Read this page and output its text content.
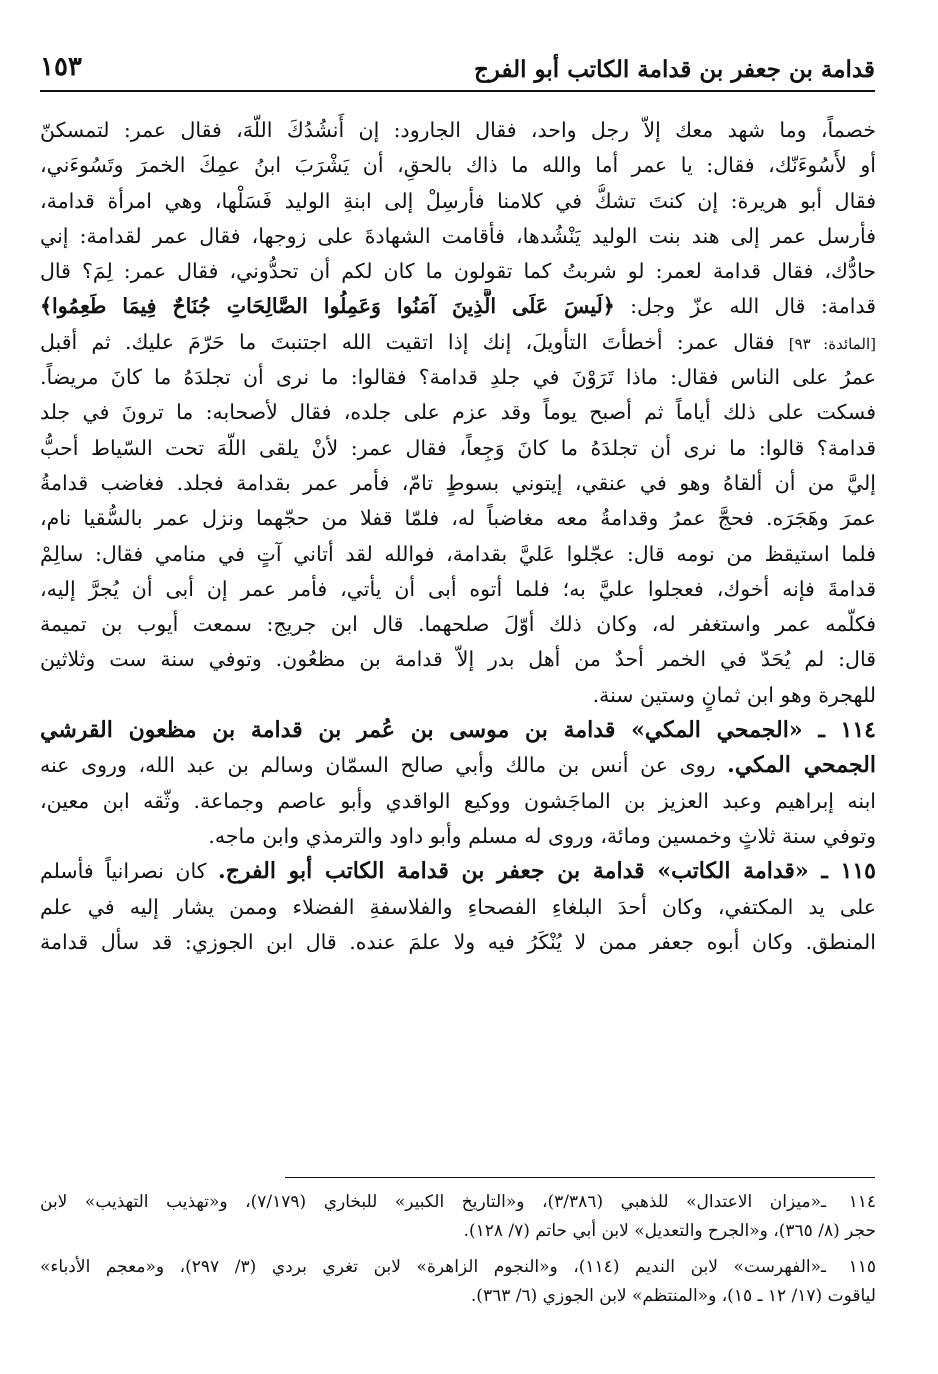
قدامة بن جعفر بن قدامة الكاتب أبو الفرج
١٥٣
خصماً، وما شهد معك إلاّ رجل واحد، فقال الجارود: إن أَنشُدُكَ اللّهَ، فقال عمر: لتمسكنّ
أو لأَسُوءَنّك، فقال: يا عمر أما والله ما ذاك بالحقِ، أن يَشْرَبَ ابنُ عمِكَ الخمرَ وتَسُوءَني،
فقال أبو هريرة: إن كنتَ تشكُّ في كلامنا فأرسِلْ إلى ابنةِ الوليد فَسَلْها، وهي امرأة قدامة،
فأرسل عمر إلى هند بنت الوليد يَنْشُدها، فأقامت الشهادةَ على زوجها، فقال عمر لقدامة: إني
حادُّك، فقال قدامة لعمر: لو شربتُ كما تقولون ما كان لكم أن تحدُّوني، فقال عمر: لِمَ؟ قال
قدامة: قال الله عزّ وجل: ﴿لَيسَ عَلَى الَّذِينَ آمَنُوا وَعَمِلُوا الصَّالِحَاتِ جُنَاحٌ فِيمَا طَعِمُوا﴾
[المائدة: ٩٣] فقال عمر: أخطأتَ التأويلَ، إنك إذا اتقيت الله اجتنبتَ ما حَرّمَ عليك. ثم أقبل
عمرُ على الناس فقال: ماذا تَرَوْنَ في جلدِ قدامة؟ فقالوا: ما نرى أن تجلدَهُ ما كانَ مريضاً.
فسكت على ذلك أياماً ثم أصبح يوماً وقد عزم على جلده، فقال لأصحابه: ما ترونَ في جلد
قدامة؟ قالوا: ما نرى أن تجلدَهُ ما كانَ وَجِعاً، فقال عمر: لأنْ يلقى اللّهَ تحت السّياط أحبُّ
إليَّ من أن ألقاهُ وهو في عنقي، إيتوني بسوطٍ تامّ، فأمر عمر بقدامة فجلد. فغاضب قدامةُ
عمرَ وهَجَرَه. فحجَّ عمرُ وقدامةُ معه مغاضباً له، فلمّا قفلا من حجّهما ونزل عمر بالسُّقيا نام،
فلما استيقظ من نومه قال: عجّلوا عَليَّ بقدامة، فوالله لقد أتاني آتٍ في منامي فقال: سالِمْ
قدامةَ فإنه أخوك، فعجلوا عليَّ به؛ فلما أتوه أبى أن يأتي، فأمر عمر إن أبى أن يُجرَّ إليه،
فكلّمه عمر واستغفر له، وكان ذلك أوّلَ صلحهما. قال ابن جريج: سمعت أيوب بن تميمة
قال: لم يُحَدّ في الخمر أحدٌ من أهل بدر إلاّ قدامة بن مظعُون. وتوفي سنة ست وثلاثين
للهجرة وهو ابن ثمانٍ وستين سنة.
١١٤ ـ «الجمحي المكي» قدامة بن موسى بن عُمر بن قدامة بن مظعون القرشي
الجمحي المكي. روى عن أنس بن مالك وأبي صالح السمّان وسالم بن عبد الله، وروى عنه
ابنه إبراهيم وعبد العزيز بن الماجَشون ووكيع الواقدي وأبو عاصم وجماعة. وثّقه ابن معين،
وتوفي سنة ثلاثٍ وخمسين ومائة، وروى له مسلم وأبو داود والترمذي وابن ماجه.
١١٥ ـ «قدامة الكاتب» قدامة بن جعفر بن قدامة الكاتب أبو الفرج. كان نصرانياً فأسلم
على يد المكتفي، وكان أحدَ البلغاءِ الفصحاءِ والفلاسفةِ الفضلاء وممن يشار إليه في علم
المنطق. وكان أبوه جعفر ممن لا يُنْكَرُ فيه ولا علمَ عنده. قال ابن الجوزي: قد سأل قدامة
١١٤ ـ«ميزان الاعتدال» للذهبي (٣/٣٨٦)، و«التاريخ الكبير» للبخاري (٧/١٧٩)، و«تهذيب التهذيب» لابن
حجر (٨/ ٣٦٥)، و«الجرح والتعديل» لابن أبي حاتم (٧/ ١٢٨).
١١٥ ـ«الفهرست» لابن النديم (١١٤)، و«النجوم الزاهرة» لابن تغري بردي (٣/ ٢٩٧)، و«معجم الأدباء»
لياقوت (١٧/ ١٢ ـ ١٥)، و«المنتظم» لابن الجوزي (٦/ ٣٦٣).
